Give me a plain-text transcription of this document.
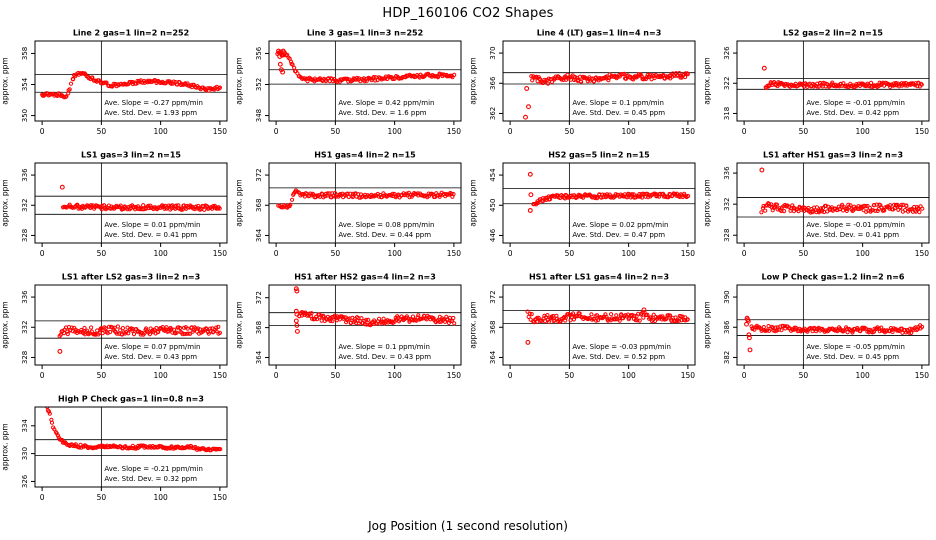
HDP_160106 CO2 Shapes
350
354
358
0	50	100	150
Line 2 gas=1 lin=2 n=252
approx. ppm	Ave. Slope = -0.27 ppm/min
Ave. Std. Dev. = 1.93 ppm	348
352
356
0	50	100	150
Line 3 gas=1 lin=3 n=252
approx. ppm	Ave. Slope = 0.42 ppm/min
Ave. Std. Dev. = 1.6 ppm	362
366
370
0	50	100	150
Line 4 (LT) gas=1 lin=4 n=3
approx. ppm	Ave. Slope = 0.1 ppm/min
Ave. Std. Dev. = 0.45 ppm	318
322
326
0	50	100	150
LS2 gas=2 lin=2 n=15
approx. ppm	Ave. Slope = -0.01 ppm/min
Ave. Std. Dev. = 0.42 ppm
328
332
336
0	50	100	150
LS1 gas=3 lin=2 n=15
approx. ppm	Ave. Slope = 0.01 ppm/min
Ave. Std. Dev. = 0.41 ppm	364
368
372
0	50	100	150
HS1 gas=4 lin=2 n=15
approx. ppm	Ave. Slope = 0.08 ppm/min
Ave. Std. Dev. = 0.44 ppm	446
450
454
0	50	100	150
HS2 gas=5 lin=2 n=15
approx. ppm	Ave. Slope = 0.02 ppm/min
Ave. Std. Dev. = 0.47 ppm	328
332
336
0	50	100	150
LS1 after HS1 gas=3 lin=2 n=3
approx. ppm	Ave. Slope = -0.01 ppm/min
Ave. Std. Dev. = 0.41 ppm
328
332
336
0	50	100	150
LS1 after LS2 gas=3 lin=2 n=3
approx. ppm	Ave. Slope = 0.07 ppm/min
Ave. Std. Dev. = 0.43 ppm	364
368
372
0	50	100	150
HS1 after HS2 gas=4 lin=2 n=3
approx. ppm	Ave. Slope = 0.1 ppm/min
Ave. Std. Dev. = 0.43 ppm	364
368
372
0	50	100	150
HS1 after LS1 gas=4 lin=2 n=3
approx. ppm	Ave. Slope = -0.03 ppm/min
Ave. Std. Dev. = 0.52 ppm	382
386
390
0	50	100	150
Low P Check gas=1.2 lin=2 n=6
approx. ppm	Ave. Slope = -0.05 ppm/min
Ave. Std. Dev. = 0.45 ppm
326
330
334
0	50	100	150
High P Check gas=1 lin=0.8 n=3
approx. ppm	Ave. Slope = -0.21 ppm/min
Ave. Std. Dev. = 0.32 ppm
Jog Position (1 second resolution)
